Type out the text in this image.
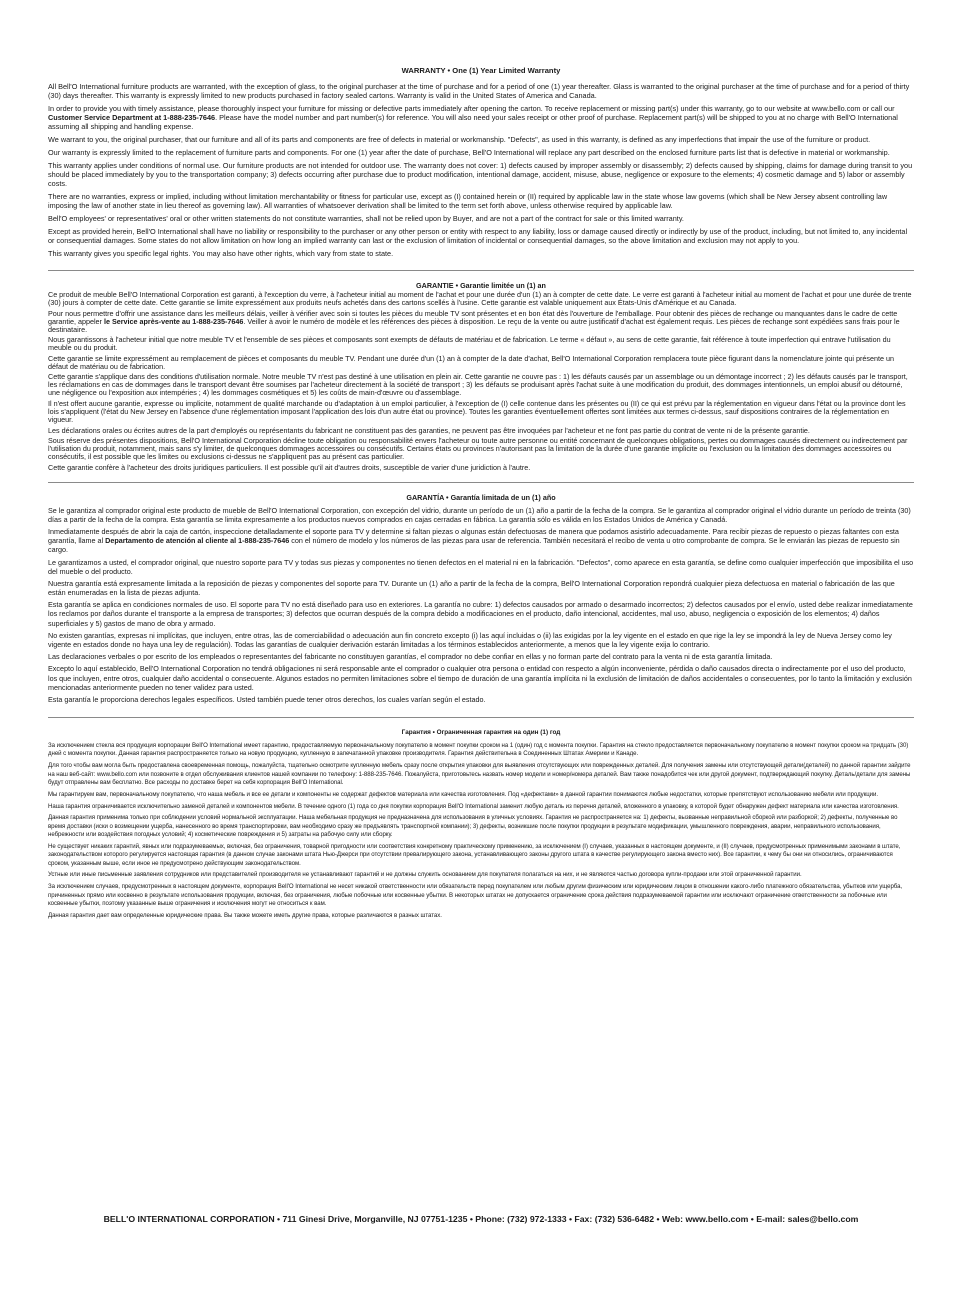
WARRANTY • One (1) Year Limited Warranty

All Bell'O International furniture products are warranted, with the exception of glass, to the original purchaser at the time of purchase and for a period of one (1) year thereafter. Glass is warranted to the original purchaser at the time of purchase and for a period of thirty (30) days thereafter. This warranty is expressly limited to new products purchased in factory sealed cartons. Warranty is valid in the United States of America and Canada.

In order to provide you with timely assistance, please thoroughly inspect your furniture for missing or defective parts immediately after opening the carton. To receive replacement or missing part(s) under this warranty, go to our website at www.bello.com or call our Customer Service Department at 1-888-235-7646. Please have the model number and part number(s) for reference. You will also need your sales receipt or other proof of purchase. Replacement part(s) will be shipped to you at no charge with Bell'O International assuming all shipping and handling expense.

We warrant to you, the original purchaser, that our furniture and all of its parts and components are free of defects in material or workmanship. "Defects", as used in this warranty, is defined as any imperfections that impair the use of the furniture or product.

Our warranty is expressly limited to the replacement of furniture parts and components. For one (1) year after the date of purchase, Bell'O International will replace any part described on the enclosed furniture parts list that is defective in material or workmanship.

This warranty applies under conditions of normal use. Our furniture products are not intended for outdoor use. The warranty does not cover: 1) defects caused by improper assembly or disassembly; 2) defects caused by shipping, claims for damage during transit to you should be placed immediately by you to the transportation company; 3) defects occurring after purchase due to product modification, intentional damage, accident, misuse, abuse, negligence or exposure to the elements; 4) cosmetic damage and 5) labor or assembly costs.

There are no warranties, express or implied, including without limitation merchantability or fitness for particular use, except as (I) contained herein or (II) required by applicable law in the state whose law governs (which shall be New Jersey absent controlling law imposing the law of another state in lieu thereof as governing law). All warranties of whatsoever derivation shall be limited to the term set forth above, unless otherwise required by applicable law.

Bell'O employees' or representatives' oral or other written statements do not constitute warranties, shall not be relied upon by Buyer, and are not a part of the contract for sale or this limited warranty.

Except as provided herein, Bell'O International shall have no liability or responsibility to the purchaser or any other person or entity with respect to any liability, loss or damage caused directly or indirectly by use of the product, including, but not limited to, any incidental or consequential damages. Some states do not allow limitation on how long an implied warranty can last or the exclusion of limitation of incidental or consequential damages, so the above limitation and exclusion may not apply to you.

This warranty gives you specific legal rights. You may also have other rights, which vary from state to state.

GARANTIE • Garantie limitée un (1) an

Ce produit de meuble Bell'O International Corporation est garanti, à l'exception du verre, à l'acheteur initial au moment de l'achat et pour une durée d'un (1) an à compter de cette date. Le verre est garanti à l'acheteur initial au moment de l'achat et pour une durée de trente (30) jours à compter de cette date. Cette garantie se limite expressément aux produits neufs achetés dans des cartons scellés à l'usine. Cette garantie est valable uniquement aux États-Unis d'Amérique et au Canada.

Pour nous permettre d'offrir une assistance dans les meilleurs délais, veiller à vérifier avec soin si toutes les pièces du meuble TV sont présentes et en bon état dès l'ouverture de l'emballage. Pour obtenir des pièces de rechange ou manquantes dans le cadre de cette garantie, appeler le Service après-vente au 1-888-235-7646. Veiller à avoir le numéro de modèle et les références des pièces à disposition. Le reçu de la vente ou autre justificatif d'achat est également requis. Les pièces de rechange sont expédiées sans frais pour le destinataire.

Nous garantissons à l'acheteur initial que notre meuble TV et l'ensemble de ses pièces et composants sont exempts de défauts de matériau et de fabrication. Le terme « défaut », au sens de cette garantie, fait référence à toute imperfection qui entrave l'utilisation du meuble ou du produit.

Cette garantie se limite expressément au remplacement de pièces et composants du meuble TV. Pendant une durée d'un (1) an à compter de la date d'achat, Bell'O International Corporation remplacera toute pièce figurant dans la nomenclature jointe qui présente un défaut de matériau ou de fabrication.

Cette garantie s'applique dans des conditions d'utilisation normale. Notre meuble TV n'est pas destiné à une utilisation en plein air. Cette garantie ne couvre pas : 1) les défauts causés par un assemblage ou un démontage incorrect ; 2) les défauts causés par le transport, les réclamations en cas de dommages dans le transport devant être soumises par l'acheteur directement à la société de transport ; 3) les défauts se produisant après l'achat suite à une modification du produit, des dommages intentionnels, un emploi abusif ou détourné, une négligence ou l'exposition aux intempéries ; 4) les dommages cosmétiques et 5) les coûts de main-d'œuvre ou d'assemblage.

Il n'est offert aucune garantie, expresse ou implicite, notamment de qualité marchande ou d'adaptation à un emploi particulier, à l'exception de (I) celle contenue dans les présentes ou (II) ce qui est prévu par la réglementation en vigueur dans l'état ou la province dont les lois s'appliquent (l'état du New Jersey en l'absence d'une réglementation imposant l'application des lois d'un autre état ou province). Toutes les garanties éventuellement offertes sont limitées aux termes ci-dessus, sauf dispositions contraires de la réglementation en vigueur.

Les déclarations orales ou écrites autres de la part d'employés ou représentants du fabricant ne constituent pas des garanties, ne peuvent pas être invoquées par l'acheteur et ne font pas partie du contrat de vente ni de la présente garantie.

Sous réserve des présentes dispositions, Bell'O International Corporation décline toute obligation ou responsabilité envers l'acheteur ou toute autre personne ou entité concernant de quelconques obligations, pertes ou dommages causés directement ou indirectement par l'utilisation du produit, notamment, mais sans s'y limiter, de quelconques dommages accessoires ou consécutifs. Certains états ou provinces n'autorisant pas la limitation de la durée d'une garantie implicite ou l'exclusion ou la limitation des dommages accessoires ou consécutifs, il est possible que les limites ou exclusions ci-dessus ne s'appliquent pas au présent cas particulier.

Cette garantie confère à l'acheteur des droits juridiques particuliers. Il est possible qu'il ait d'autres droits, susceptible de varier d'une juridiction à l'autre.

GARANTÍA • Garantía limitada de un (1) año

Se le garantiza al comprador original este producto de mueble de Bell'O International Corporation, con excepción del vidrio, durante un período de un (1) año a partir de la fecha de la compra. Se le garantiza al comprador original el vidrio durante un período de treinta (30) días a partir de la fecha de la compra. Esta garantía se limita expresamente a los productos nuevos comprados en cajas cerradas en fábrica. La garantía sólo es válida en los Estados Unidos de América y Canadá.

Inmediatamente después de abrir la caja de cartón, inspeccione detalladamente el soporte para TV y determine si faltan piezas o algunas están defectuosas de manera que podamos asistirlo adecuadamente. Para recibir piezas de repuesto o piezas faltantes con esta garantía, llame al Departamento de atención al cliente al 1-888-235-7646 con el número de modelo y los números de las piezas para usar de referencia. También necesitará el recibo de venta u otro comprobante de compra. Se le enviarán las piezas de repuesto sin cargo.

Le garantizamos a usted, el comprador original, que nuestro soporte para TV y todas sus piezas y componentes no tienen defectos en el material ni en la fabricación. "Defectos", como aparece en esta garantía, se define como cualquier imperfección que imposibilita el uso del mueble o del producto.

Nuestra garantía está expresamente limitada a la reposición de piezas y componentes del soporte para TV. Durante un (1) año a partir de la fecha de la compra, Bell'O International Corporation repondrá cualquier pieza defectuosa en material o fabricación de las que están enumeradas en la lista de piezas adjunta.

Esta garantía se aplica en condiciones normales de uso. El soporte para TV no está diseñado para uso en exteriores. La garantía no cubre: 1) defectos causados por armado o desarmado incorrectos; 2) defectos causados por el envío, usted debe realizar inmediatamente los reclamos por daños durante el transporte a la empresa de transportes; 3) defectos que ocurran después de la compra debido a modificaciones en el producto, daño intencional, accidentes, mal uso, abuso, negligencia o exposición de los elementos; 4) daños superficiales y 5) gastos de mano de obra y armado.

No existen garantías, expresas ni implícitas, que incluyen, entre otras, las de comerciabilidad o adecuación aun fin concreto excepto (i) las aquí incluidas o (ii) las exigidas por la ley vigente en el estado en que rige la ley se impondrá la ley de Nueva Jersey como ley vigente en estados donde no haya una ley de regulación). Todas las garantías de cualquier derivación estarán limitadas a los términos establecidos anteriormente, a menos que la ley vigente exija lo contrario.

Las declaraciones verbales o por escrito de los empleados o representantes del fabricante no constituyen garantías, el comprador no debe confiar en ellas y no forman parte del contrato para la venta ni de esta garantía limitada.

Excepto lo aquí establecido, Bell'O International Corporation no tendrá obligaciones ni será responsable ante el comprador o cualquier otra persona o entidad con respecto a algún inconveniente, pérdida o daño causados directa o indirectamente por el uso del producto, los que incluyen, entre otros, cualquier daño accidental o consecuente. Algunos estados no permiten limitaciones sobre el tiempo de duración de una garantía implícita ni la exclusión de limitación de daños accidentales o consecuentes, por lo tanto la limitación y exclusión mencionadas anteriormente pueden no tener validez para usted.

Esta garantía le proporciona derechos legales específicos. Usted también puede tener otros derechos, los cuales varían según el estado.

Гарантия • Ограниченная гарантия на один (1) год

За исключением стекла вся продукция корпорации Bell'O International имеет гарантию, предоставляемую первоначальному покупателю в момент покупки сроком на 1 (один) год с момента покупки. Гарантия на стекло предоставляется первоначальному покупателю в момент покупки сроком на тридцать (30) дней с момента покупки. Данная гарантия распространяется только на новую продукцию, купленную в запечатанной упаковке производителя. Гарантия действительна в Соединенных Штатах Америки и Канаде.

Для того чтобы вам могла быть предоставлена своевременная помощь, пожалуйста, тщательно осмотрите купленную мебель сразу после открытия упаковки для выявления отсутствующих или поврежденных деталей. Для получения замены или отсутствующей детали(деталей) по данной гарантии зайдите на наш веб-сайт: www.bello.com или позвоните в отдел обслуживания клиентов нашей компании по телефону: 1-888-235-7646. Пожалуйста, приготовьтесь назвать номер модели и номер/номера деталей. Вам также понадобится чек или другой документ, подтверждающий покупку. Деталь/детали для замены будут отправлены вам бесплатно. Все расходы по доставке берет на себя корпорация Bell'O International.

Мы гарантируем вам, первоначальному покупателю, что наша мебель и все ее детали и компоненты не содержат дефектов материала или качества изготовления. Под «дефектами» в данной гарантии понимаются любые недостатки, которые препятствуют использованию мебели или продукции.

Наша гарантия ограничивается исключительно заменой деталей и компонентов мебели. В течение одного (1) года со дня покупки корпорация Bell'O International заменит любую деталь из перечня деталей, вложенного в упаковку, в которой будет обнаружен дефект материала или качества изготовления.

Данная гарантия применима только при соблюдении условий нормальной эксплуатации. Наша мебельная продукция не предназначена для использования в уличных условиях. Гарантия не распространяется на: 1) дефекты, вызванные неправильной сборкой или разборкой; 2) дефекты, полученные во время доставки (иски о возмещении ущерба, нанесенного во время транспортировки, вам необходимо сразу же предъявлять транспортной компании); 3) дефекты, возникшие после покупки продукции в результате модификации, умышленного повреждения, аварии, неправильного использования, небрежности или воздействия погодных условий; 4) косметические повреждения и 5) затраты на рабочую силу или сборку.

Не существует никаких гарантий, явных или подразумеваемых, включая, без ограничения, товарной пригодности или соответствия конкретному практическому применению, за исключением (I) случаев, указанных в настоящем документе, и (II) случаев, предусмотренных применимыми законами в штате, законодательством которого регулируется настоящая гарантия (в данном случае законами штата Нью-Джерси при отсутствии превалирующего закона, устанавливающего законы другого штата в качестве регулирующего закона вместо них). Все гарантии, к чему бы они ни относились, ограничиваются сроком, указанным выше, если иное не предусмотрено действующим законодательством.

Устные или иные письменные заявления сотрудников или представителей производителя не устанавливают гарантий и не должны служить основанием для покупателя полагаться на них, и не являются частью договора купли-продажи или этой ограниченной гарантии.

За исключением случаев, предусмотренных в настоящем документе, корпорация Bell'O International не несет никакой ответственности или обязательств перед покупателем или любым другим физическим или юридическим лицом в отношении какого-либо платежного обязательства, убытков или ущерба, причиненных прямо или косвенно в результате использования продукции, включая, без ограничения, любые побочные или косвенные убытки. В некоторых штатах не допускается ограничение срока действия подразумеваемой гарантии или исключают ограничение ответственности за побочные или косвенные убытки, поэтому указанные выше ограничения и исключения могут не относиться к вам.

Данная гарантия дает вам определенные юридические права. Вы также можете иметь другие права, которые различаются в разных штатах.

BELL'O INTERNATIONAL CORPORATION • 711 Ginesi Drive, Morganville, NJ 07751-1235 • Phone: (732) 972-1333 • Fax: (732) 536-6482 • Web: www.bello.com • E-mail: sales@bello.com
